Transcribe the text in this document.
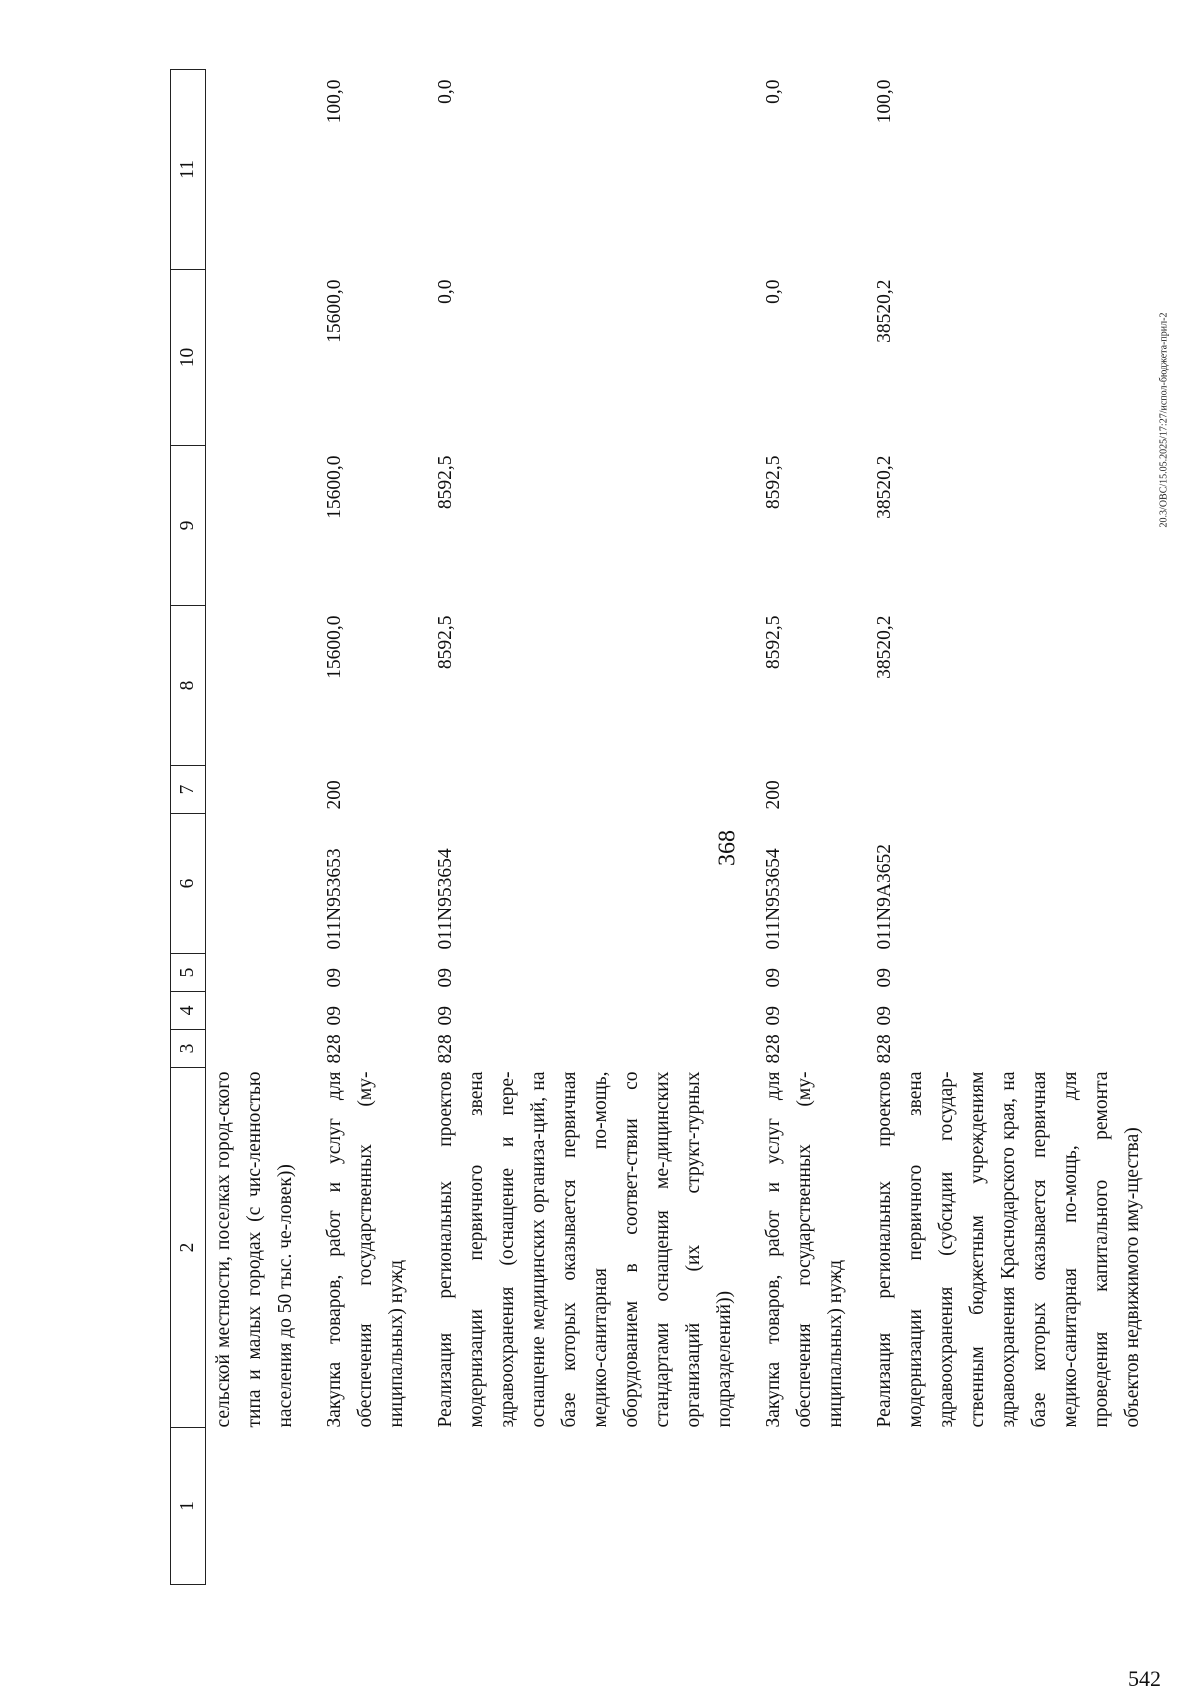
368
20.3/ОВС/15.05.2025/17:27/испол-бюджета-прил-2
542
1	2	3	4	5	6	7	8	9	10	11
	сельской местности, поселках город-ского типа и малых городах (с чис-ленностью населения до 50 тыс. че-ловек))									
	Закупка товаров, работ и услуг для обеспечения государственных (му-ниципальных) нужд	828	09	09	011N953653	200	15600,0	15600,0	15600,0	100,0
	Реализация региональных проектов модернизации первичного звена здравоохранения (оснащение и пере-оснащение медицинских организа-ций, на базе которых оказывается первичная медико-санитарная по-мощь, оборудованием в соответ-ствии со стандартами оснащения ме-дицинских организаций (их структ-турных подразделений))	828	09	09	011N953654		8592,5	8592,5	0,0	0,0
	Закупка товаров, работ и услуг для обеспечения государственных (му-ниципальных) нужд	828	09	09	011N953654	200	8592,5	8592,5	0,0	0,0
	Реализация региональных проектов модернизации первичного звена здравоохранения (субсидии государ-ственным бюджетным учреждениям здравоохранения Краснодарского края, на базе которых оказывается первичная медико-санитарная по-мощь, для проведения капитального ремонта объектов недвижимого иму-щества)	828	09	09	011N9А3652		38520,2	38520,2	38520,2	100,0
